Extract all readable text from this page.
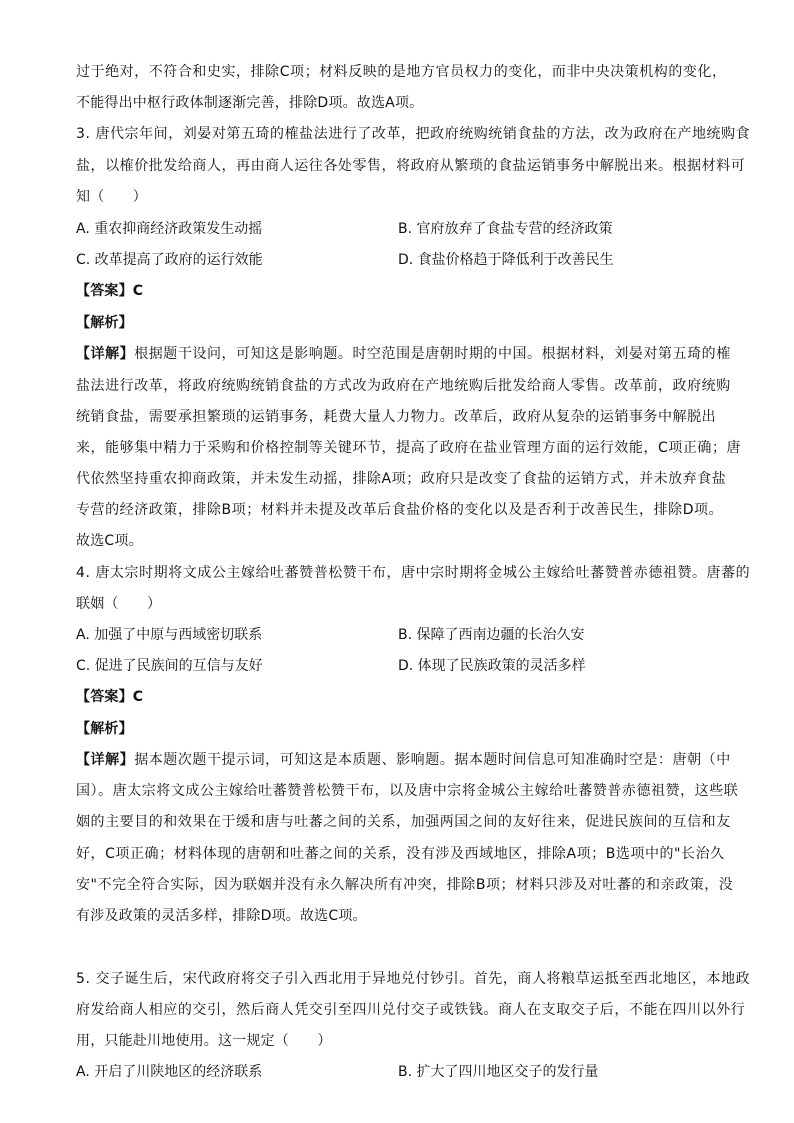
过于绝对，不符合和史实，排除C项；材料反映的是地方官员权力的变化，而非中央决策机构的变化，
不能得出中枢行政体制逐渐完善，排除D项。故选A项。
3. 唐代宗年间，刘晏对第五琦的榷盐法进行了改革，把政府统购统销食盐的方法，改为政府在产地统购食
盐，以榷价批发给商人，再由商人运往各处零售，将政府从繁琐的食盐运销事务中解脱出来。根据材料可
知（　　）
A. 重农抑商经济政策发生动摇	B. 官府放弃了食盐专营的经济政策
C. 改革提高了政府的运行效能	D. 食盐价格趋于降低利于改善民生
【答案】C
【解析】
【详解】根据题干设问，可知这是影响题。时空范围是唐朝时期的中国。根据材料，刘晏对第五琦的榷
盐法进行改革，将政府统购统销食盐的方式改为政府在产地统购后批发给商人零售。改革前，政府统购
统销食盐，需要承担繁琐的运销事务，耗费大量人力物力。改革后，政府从复杂的运销事务中解脱出
来，能够集中精力于采购和价格控制等关键环节，提高了政府在盐业管理方面的运行效能，C项正确；唐
代依然坚持重农抑商政策，并未发生动摇，排除A项；政府只是改变了食盐的运销方式，并未放弃食盐
专营的经济政策，排除B项；材料并未提及改革后食盐价格的变化以及是否利于改善民生，排除D项。
故选C项。
4. 唐太宗时期将文成公主嫁给吐蕃赞普松赞干布，唐中宗时期将金城公主嫁给吐蕃赞普赤德祖赞。唐蕃的
联姻（　　）
A. 加强了中原与西域密切联系	B. 保障了西南边疆的长治久安
C. 促进了民族间的互信与友好	D. 体现了民族政策的灵活多样
【答案】C
【解析】
【详解】据本题次题干提示词，可知这是本质题、影响题。据本题时间信息可知准确时空是：唐朝（中
国）。唐太宗将文成公主嫁给吐蕃赞普松赞干布，以及唐中宗将金城公主嫁给吐蕃赞普赤德祖赞，这些联
姻的主要目的和效果在于缓和唐与吐蕃之间的关系，加强两国之间的友好往来，促进民族间的互信和友
好，C项正确；材料体现的唐朝和吐蕃之间的关系，没有涉及西域地区，排除A项；B选项中的"长治久
安"不完全符合实际，因为联姻并没有永久解决所有冲突，排除B项；材料只涉及对吐蕃的和亲政策，没
有涉及政策的灵活多样，排除D项。故选C项。
5. 交子诞生后，宋代政府将交子引入西北用于异地兑付钞引。首先，商人将粮草运抵至西北地区，本地政
府发给商人相应的交引，然后商人凭交引至四川兑付交子或铁钱。商人在支取交子后，不能在四川以外行
用，只能赴川地使用。这一规定（　　）
A. 开启了川陕地区的经济联系	B. 扩大了四川地区交子的发行量
